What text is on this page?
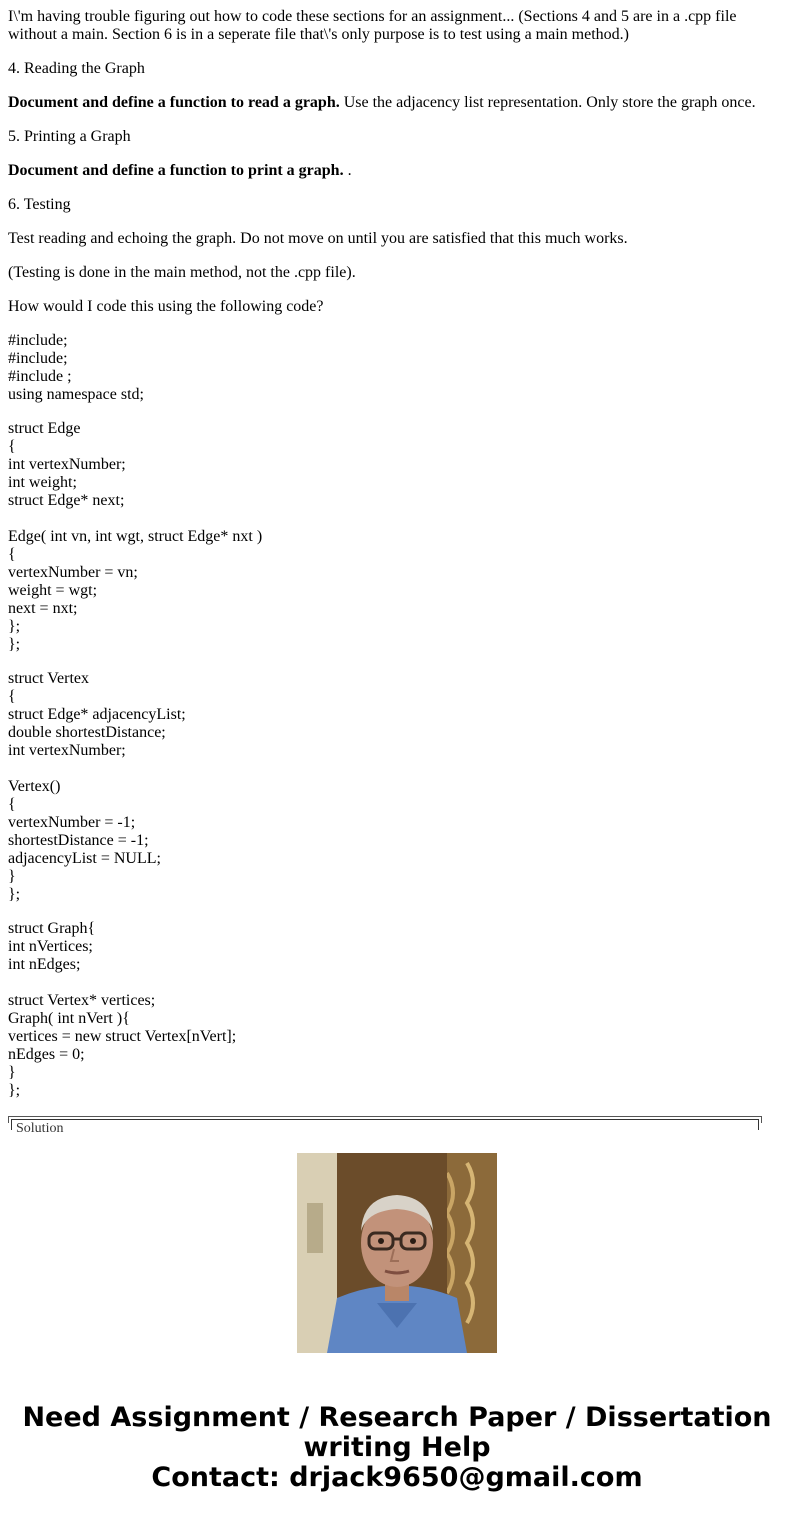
I\'m having trouble figuring out how to code these sections for an assignment... (Sections 4 and 5 are in a .cpp file without a main. Section 6 is in a seperate file that\'s only purpose is to test using a main method.)

4. Reading the Graph

Document and define a function to read a graph. Use the adjacency list representation. Only store the graph once.

5. Printing a Graph

Document and define a function to print a graph. .

6. Testing

Test reading and echoing the graph. Do not move on until you are satisfied that this much works.

(Testing is done in the main method, not the .cpp file).

How would I code this using the following code?

#include;
#include;
#include ;
using namespace std;
struct Edge
{
int vertexNumber;
int weight;
struct Edge* next;
Edge( int vn, int wgt, struct Edge* nxt )
{
vertexNumber = vn;
weight = wgt;
next = nxt;
};
};
struct Vertex
{
struct Edge* adjacencyList;
double shortestDistance;
int vertexNumber;
Vertex()
{
vertexNumber = -1;
shortestDistance = -1;
adjacencyList = NULL;
}
};
struct Graph{
int nVertices;
int nEdges;
struct Vertex* vertices;
Graph( int nVert ){
vertices = new struct Vertex[nVert];
nEdges = 0;
}
};
Solution
Need Assignment / Research Paper / Dissertation
writing Help
Contact: drjack9650@gmail.com
